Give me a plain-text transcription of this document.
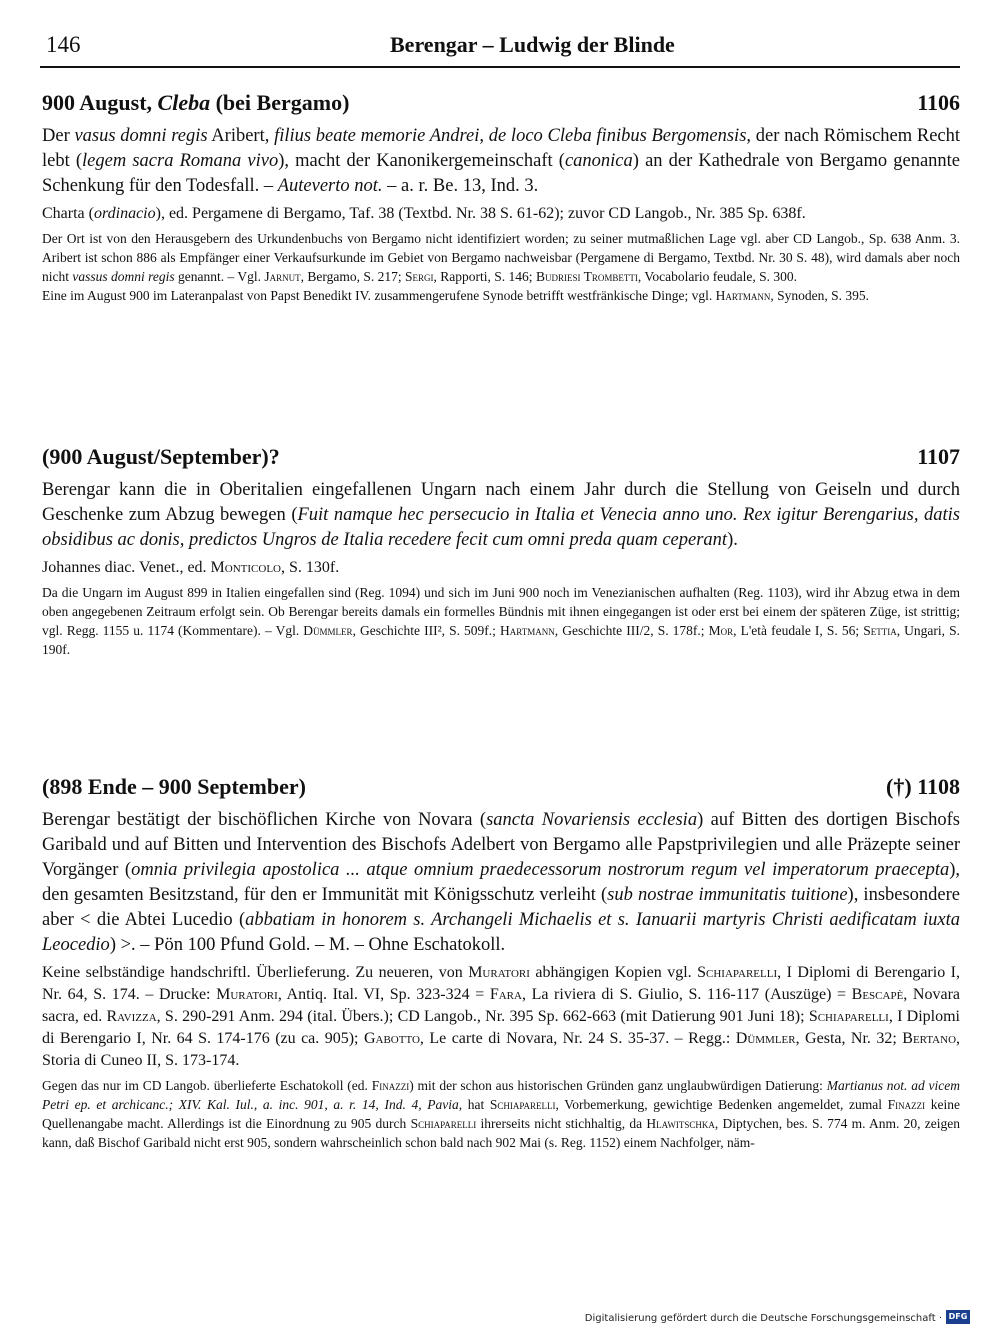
146	Berengar – Ludwig der Blinde
900 August, Cleba (bei Bergamo)	1106

Der vasus domni regis Aribert, filius beate memorie Andrei, de loco Cleba finibus Bergomensis, der nach Römischem Recht lebt (legem sacra Romana vivo), macht der Kanonikergemeinschaft (canonica) an der Kathedrale von Bergamo genannte Schenkung für den Todesfall. – Auteverto not. – a. r. Be. 13, Ind. 3.

Charta (ordinacio), ed. Pergamene di Bergamo, Taf. 38 (Textbd. Nr. 38 S. 61-62); zuvor CD Langob., Nr. 385 Sp. 638f.

Der Ort ist von den Herausgebern des Urkundenbuchs von Bergamo nicht identifiziert worden; zu seiner mutmaßlichen Lage vgl. aber CD Langob., Sp. 638 Anm. 3. Aribert ist schon 886 als Empfänger einer Verkaufsurkunde im Gebiet von Bergamo nachweisbar (Pergamene di Bergamo, Textbd. Nr. 30 S. 48), wird damals aber noch nicht vassus domni regis genannt. – Vgl. Jarnut, Bergamo, S. 217; Sergi, Rapporti, S. 146; Budriesi Trombetti, Vocabolario feudale, S. 300.

Eine im August 900 im Lateranpalast von Papst Benedikt IV. zusammengerufene Synode betrifft westfränkische Dinge; vgl. Hartmann, Synoden, S. 395.

(900 August/September)?	1107

Berengar kann die in Oberitalien eingefallenen Ungarn nach einem Jahr durch die Stellung von Geiseln und durch Geschenke zum Abzug bewegen (Fuit namque hec persecucio in Italia et Venecia anno uno. Rex igitur Berengarius, datis obsidibus ac donis, predictos Ungros de Italia recedere fecit cum omni preda quam ceperant).

Johannes diac. Venet., ed. Monticolo, S. 130f.

Da die Ungarn im August 899 in Italien eingefallen sind (Reg. 1094) und sich im Juni 900 noch im Venezianischen aufhalten (Reg. 1103), wird ihr Abzug etwa in dem oben angegebenen Zeitraum erfolgt sein. Ob Berengar bereits damals ein formelles Bündnis mit ihnen eingegangen ist oder erst bei einem der späteren Züge, ist strittig; vgl. Regg. 1155 u. 1174 (Kommentare). – Vgl. Dümmler, Geschichte III², S. 509f.; Hartmann, Geschichte III/2, S. 178f.; Mor, L'età feudale I, S. 56; Settia, Ungari, S. 190f.

(898 Ende – 900 September)	(†) 1108

Berengar bestätigt der bischöflichen Kirche von Novara (sancta Novariensis ecclesia) auf Bitten des dortigen Bischofs Garibald und auf Bitten und Intervention des Bischofs Adelbert von Bergamo alle Papstprivilegien und alle Präzepte seiner Vorgänger (omnia privilegia apostolica ... atque omnium praedecessorum nostrorum regum vel imperatorum praecepta), den gesamten Besitzstand, für den er Immunität mit Königsschutz verleiht (sub nostrae immunitatis tuitione), insbesondere aber < die Abtei Lucedio (abbatiam in honorem s. Archangeli Michaelis et s. Ianuarii martyris Christi aedificatam iuxta Leocedio) >. – Pön 100 Pfund Gold. – M. – Ohne Eschatokoll.

Keine selbständige handschriftl. Überlieferung. Zu neueren, von Muratori abhängigen Kopien vgl. Schiaparelli, I Diplomi di Berengario I, Nr. 64, S. 174. – Drucke: Muratori, Antiq. Ital. VI, Sp. 323-324 = Fara, La riviera di S. Giulio, S. 116-117 (Auszüge) = Bescapè, Novara sacra, ed. Ravizza, S. 290-291 Anm. 294 (ital. Übers.); CD Langob., Nr. 395 Sp. 662-663 (mit Datierung 901 Juni 18); Schiaparelli, I Diplomi di Berengario I, Nr. 64 S. 174-176 (zu ca. 905); Gabotto, Le carte di Novara, Nr. 24 S. 35-37. – Regg.: Dümmler, Gesta, Nr. 32; Bertano, Storia di Cuneo II, S. 173-174.

Gegen das nur im CD Langob. überlieferte Eschatokoll (ed. Finazzi) mit der schon aus historischen Gründen ganz unglaubwürdigen Datierung: Martianus not. ad vicem Petri ep. et archicanc.; XIV. Kal. Iul., a. inc. 901, a. r. 14, Ind. 4, Pavia, hat Schiaparelli, Vorbemerkung, gewichtige Bedenken angemeldet, zumal Finazzi keine Quellenangabe macht. Allerdings ist die Einordnung zu 905 durch Schiaparelli ihrerseits nicht stichhaltig, da Hlawitschka, Diptychen, bes. S. 774 m. Anm. 20, zeigen kann, daß Bischof Garibald nicht erst 905, sondern wahrscheinlich schon bald nach 902 Mai (s. Reg. 1152) einem Nachfolger, näm-

Digitalisierung gefördert durch die Deutsche Forschungsgemeinschaft · DFG
